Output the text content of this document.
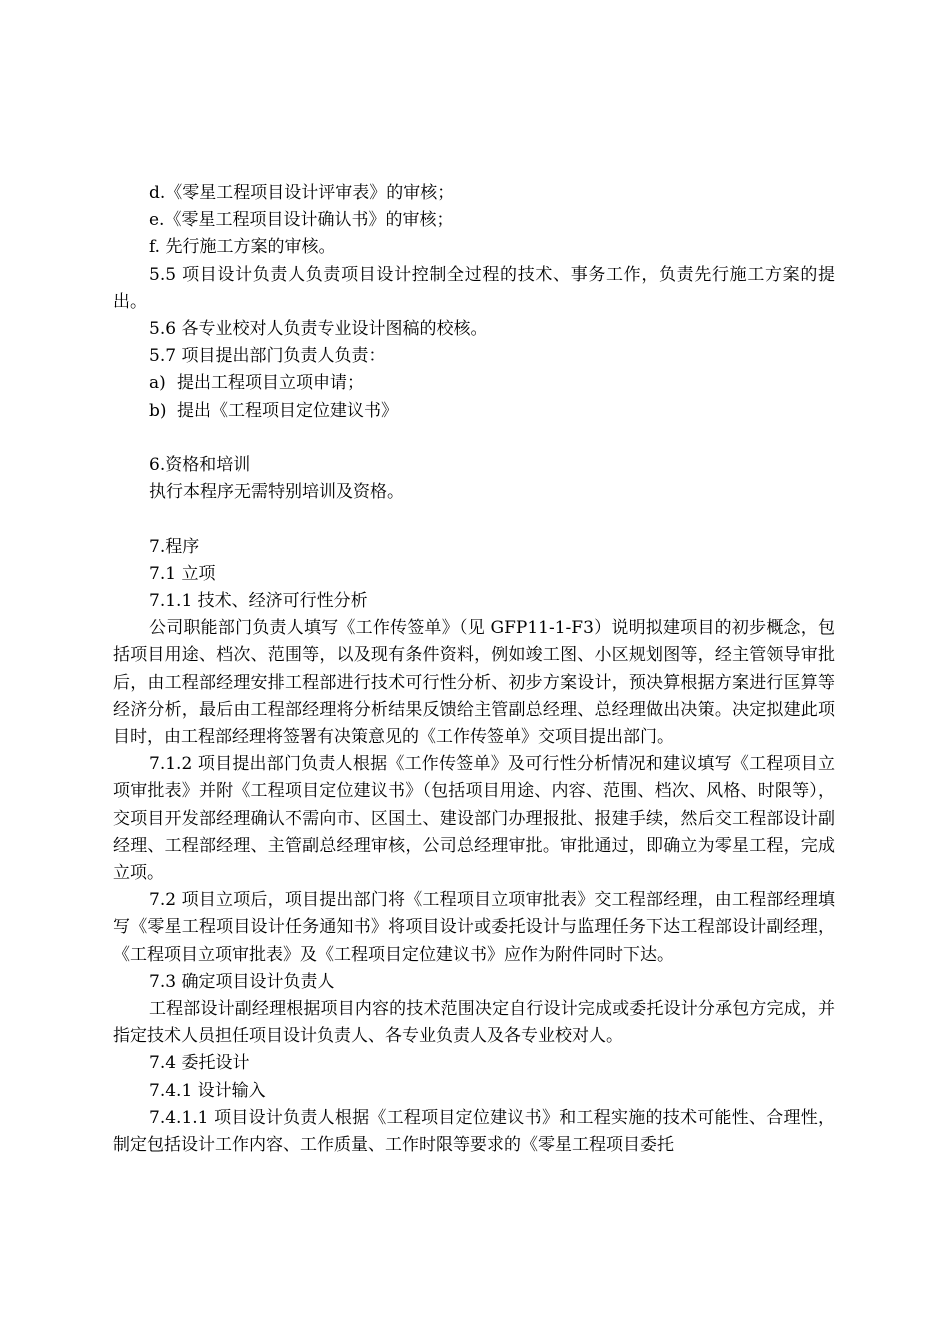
d.《零星工程项目设计评审表》的审核；

e.《零星工程项目设计确认书》的审核；

f. 先行施工方案的审核。

5.5 项目设计负责人负责项目设计控制全过程的技术、事务工作，负责先行施工方案的提出。

5.6 各专业校对人负责专业设计图稿的校核。

5.7 项目提出部门负责人负责：

a) 提出工程项目立项申请；

b) 提出《工程项目定位建议书》

6.资格和培训

执行本程序无需特别培训及资格。

7.程序

7.1 立项

7.1.1 技术、经济可行性分析

公司职能部门负责人填写《工作传签单》（见 GFP11-1-F3）说明拟建项目的初步概念，包括项目用途、档次、范围等，以及现有条件资料，例如竣工图、小区规划图等，经主管领导审批后，由工程部经理安排工程部进行技术可行性分析、初步方案设计，预决算根据方案进行匡算等经济分析，最后由工程部经理将分析结果反馈给主管副总经理、总经理做出决策。决定拟建此项目时，由工程部经理将签署有决策意见的《工作传签单》交项目提出部门。

7.1.2 项目提出部门负责人根据《工作传签单》及可行性分析情况和建议填写《工程项目立项审批表》并附《工程项目定位建议书》（包括项目用途、内容、范围、档次、风格、时限等），交项目开发部经理确认不需向市、区国土、建设部门办理报批、报建手续，然后交工程部设计副经理、工程部经理、主管副总经理审核，公司总经理审批。审批通过，即确立为零星工程，完成立项。

7.2 项目立项后，项目提出部门将《工程项目立项审批表》交工程部经理，由工程部经理填写《零星工程项目设计任务通知书》将项目设计或委托设计与监理任务下达工程部设计副经理，《工程项目立项审批表》及《工程项目定位建议书》应作为附件同时下达。

7.3 确定项目设计负责人

工程部设计副经理根据项目内容的技术范围决定自行设计完成或委托设计分承包方完成，并指定技术人员担任项目设计负责人、各专业负责人及各专业校对人。

7.4 委托设计

7.4.1 设计输入

7.4.1.1 项目设计负责人根据《工程项目定位建议书》和工程实施的技术可能性、合理性，制定包括设计工作内容、工作质量、工作时限等要求的《零星工程项目委托
